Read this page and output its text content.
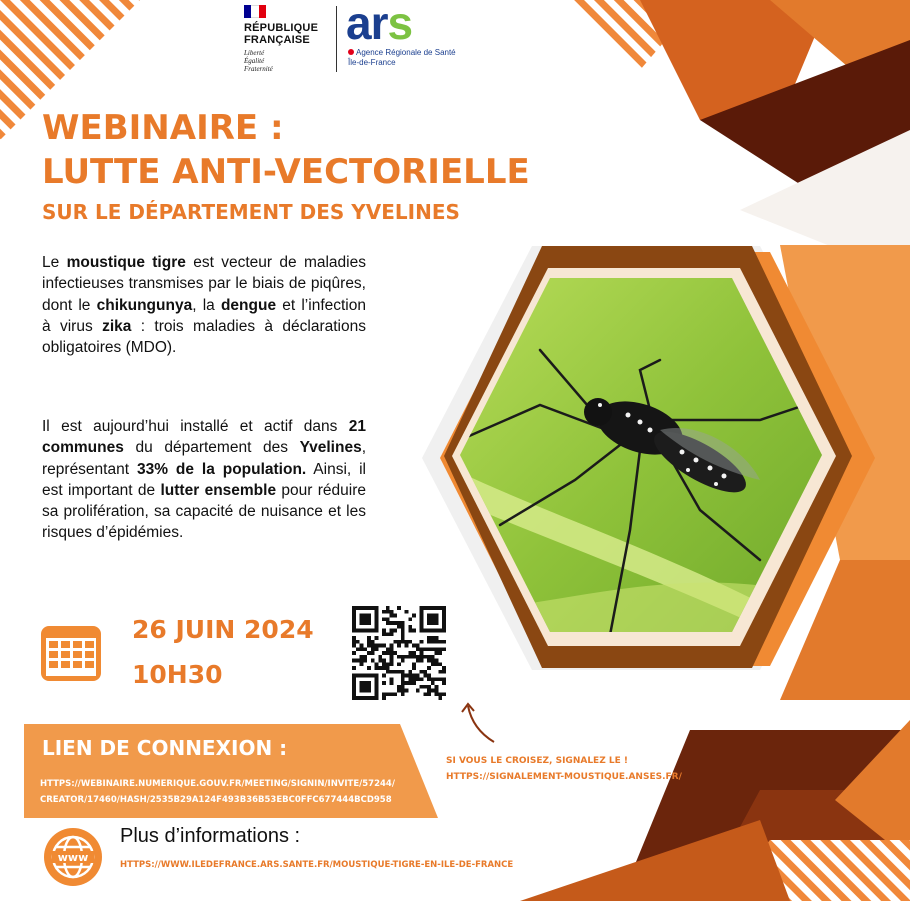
RÉPUBLIQUE FRANÇAISE
Liberté
Égalité
Fraternité
ars
Agence Régionale de Santé
Île-de-France
WEBINAIRE :
LUTTE ANTI-VECTORIELLE
SUR LE DÉPARTEMENT DES YVELINES
Le moustique tigre est vecteur de maladies infectieuses transmises par le biais de piqûres, dont le chikungunya, la dengue et l’infection à virus zika : trois maladies à déclarations obligatoires (MDO).
Il est aujourd’hui installé et actif dans 21 communes du département des Yvelines, représentant 33% de la population. Ainsi, il est important de lutter ensemble pour réduire sa prolifération, sa capacité de nuisance et les risques d’épidémies.
26 JUIN 2024
10H30
LIEN DE CONNEXION :
HTTPS://WEBINAIRE.NUMERIQUE.GOUV.FR/MEETING/SIGNIN/INVITE/57244/
CREATOR/17460/HASH/2535B29A124F493B36B53EBC0FFC677444BCD958
SI VOUS LE CROISEZ, SIGNALEZ LE !
HTTPS://SIGNALEMENT-MOUSTIQUE.ANSES.FR/
www
Plus d’informations :
HTTPS://WWW.ILEDEFRANCE.ARS.SANTE.FR/MOUSTIQUE-TIGRE-EN-ILE-DE-FRANCE
